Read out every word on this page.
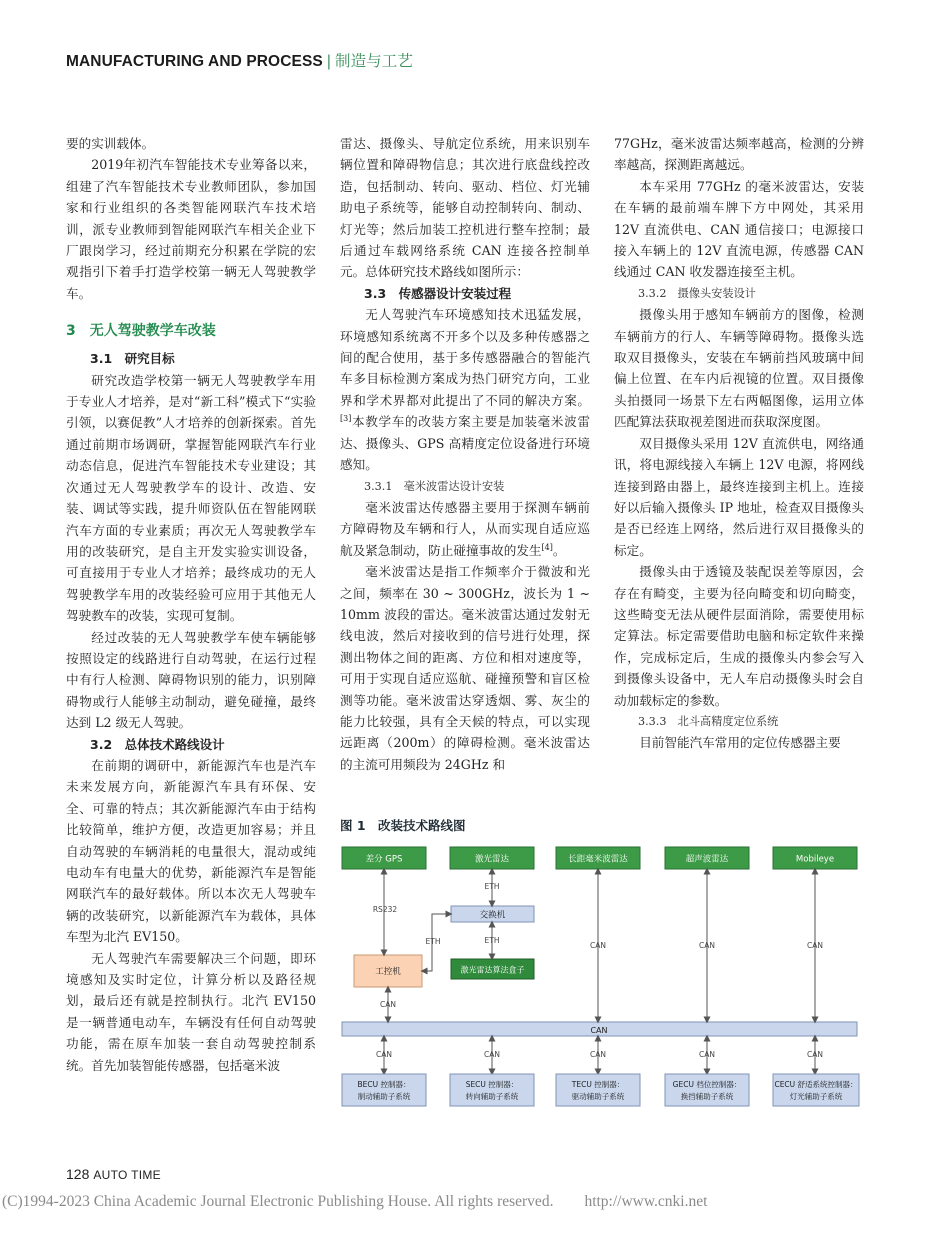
MANUFACTURING AND PROCESS | 制造与工艺

要的实训载体。

2019年初汽车智能技术专业筹备以来，组建了汽车智能技术专业教师团队，参加国家和行业组织的各类智能网联汽车技术培训，派专业教师到智能网联汽车相关企业下厂跟岗学习，经过前期充分积累在学院的宏观指引下着手打造学校第一辆无人驾驶教学车。

3　无人驾驶教学车改装
3.1　研究目标

研究改造学校第一辆无人驾驶教学车用于专业人才培养，是对“新工科”模式下“实验引领，以赛促教”人才培养的创新探索。首先通过前期市场调研，掌握智能网联汽车行业动态信息，促进汽车智能技术专业建设；其次通过无人驾驶教学车的设计、改造、安装、调试等实践，提升师资队伍在智能网联汽车方面的专业素质；再次无人驾驶教学车用的改装研究，是自主开发实验实训设备，可直接用于专业人才培养；最终成功的无人驾驶教学车用的改装经验可应用于其他无人驾驶教车的改装，实现可复制。

经过改装的无人驾驶教学车使车辆能够按照设定的线路进行自动驾驶，在运行过程中有行人检测、障碍物识别的能力，识别障碍物或行人能够主动制动，避免碰撞，最终达到 L2 级无人驾驶。

3.2　总体技术路线设计

在前期的调研中，新能源汽车也是汽车未来发展方向，新能源汽车具有环保、安全、可靠的特点；其次新能源汽车由于结构比较简单，维护方便，改造更加容易；并且自动驾驶的车辆消耗的电量很大，混动或纯电动车有电量大的优势，新能源汽车是智能网联汽车的最好载体。所以本次无人驾驶车辆的改装研究，以新能源汽车为载体，具体车型为北汽 EV150。

无人驾驶汽车需要解决三个问题，即环境感知及实时定位，计算分析以及路径规划，最后还有就是控制执行。北汽 EV150 是一辆普通电动车，车辆没有任何自动驾驶功能，需在原车加装一套自动驾驶控制系统。首先加装智能传感器，包括毫米波

雷达、摄像头、导航定位系统，用来识别车辆位置和障碍物信息；其次进行底盘线控改造，包括制动、转向、驱动、档位、灯光辅助电子系统等，能够自动控制转向、制动、灯光等；然后加装工控机进行整车控制；最后通过车载网络系统 CAN 连接各控制单元。总体研究技术路线如图所示：

3.3　传感器设计安装过程

无人驾驶汽车环境感知技术迅猛发展，环境感知系统离不开多个以及多种传感器之间的配合使用，基于多传感器融合的智能汽车多目标检测方案成为热门研究方向，工业界和学术界都对此提出了不同的解决方案。[3]本教学车的改装方案主要是加装毫米波雷达、摄像头、GPS 高精度定位设备进行环境感知。

3.3.1　毫米波雷达设计安装

毫米波雷达传感器主要用于探测车辆前方障碍物及车辆和行人，从而实现自适应巡航及紧急制动，防止碰撞事故的发生[4]。

毫米波雷达是指工作频率介于微波和光之间，频率在 30 ~ 300GHz，波长为 1 ~ 10mm 波段的雷达。毫米波雷达通过发射无线电波，然后对接收到的信号进行处理，探测出物体之间的距离、方位和相对速度等，可用于实现自适应巡航、碰撞预警和盲区检测等功能。毫米波雷达穿透烟、雾、灰尘的能力比较强，具有全天候的特点，可以实现远距离（200m）的障碍检测。毫米波雷达的主流可用频段为 24GHz 和

77GHz，毫米波雷达频率越高，检测的分辨率越高，探测距离越远。

本车采用 77GHz 的毫米波雷达，安装在车辆的最前端车牌下方中网处，其采用 12V 直流供电、CAN 通信接口；电源接口接入车辆上的 12V 直流电源，传感器 CAN 线通过 CAN 收发器连接至主机。

3.3.2　摄像头安装设计

摄像头用于感知车辆前方的图像，检测车辆前方的行人、车辆等障碍物。摄像头选取双目摄像头，安装在车辆前挡风玻璃中间偏上位置、在车内后视镜的位置。双目摄像头拍摄同一场景下左右两幅图像，运用立体匹配算法获取视差图进而获取深度图。

双目摄像头采用 12V 直流供电，网络通讯，将电源线接入车辆上 12V 电源，将网线连接到路由器上，最终连接到主机上。连接好以后输入摄像头 IP 地址，检查双目摄像头是否已经连上网络，然后进行双目摄像头的标定。

摄像头由于透镜及装配误差等原因，会存在有畸变，主要为径向畸变和切向畸变，这些畸变无法从硬件层面消除，需要使用标定算法。标定需要借助电脑和标定软件来操作，完成标定后，生成的摄像头内参会写入到摄像头设备中，无人车启动摄像头时会自动加载标定的参数。

3.3.3　北斗高精度定位系统

目前智能汽车常用的定位传感器主要

图 1　改装技术路线图
差分 GPS	激光雷达	长距毫米波雷达	超声波雷达	Mobileye
交换机
工控机	激光雷达算法盒子
CAN
RS232
ETH
ETH	ETH
CAN	CAN	CAN
CAN
CAN	CAN	CAN	CAN	CAN
BECU 控制器：
制动辅助子系统
SECU 控制器：
转向辅助子系统
TECU 控制器：
驱动辅助子系统
GECU 档位控制器：
换挡辅助子系统
CECU 舒适系统控制器：
灯光辅助子系统
128 AUTO TIME
(C)1994-2023 China Academic Journal Electronic Publishing House. All rights reserved.　　http://www.cnki.net
